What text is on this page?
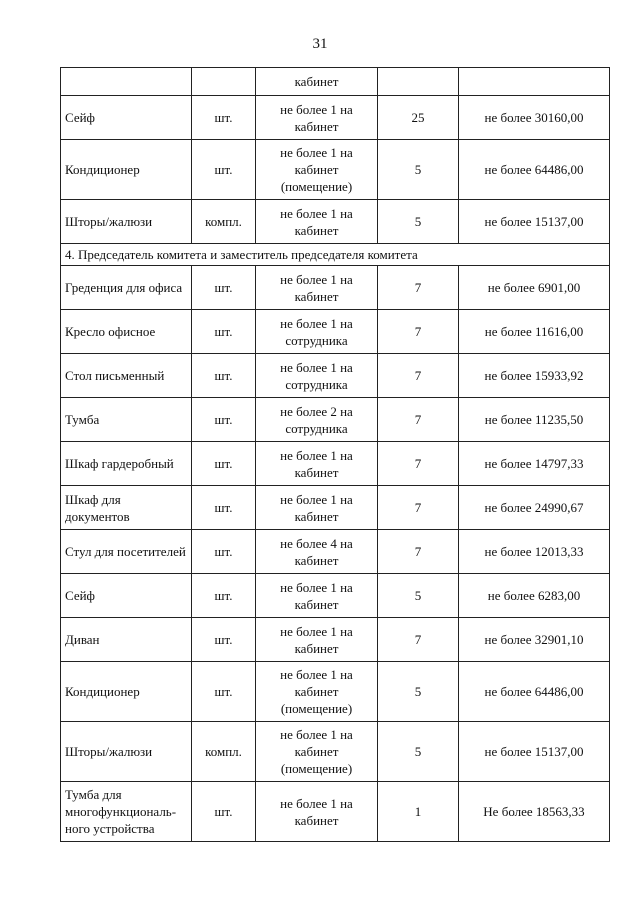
31
		кабинет		
Сейф	шт.	не более 1 на кабинет	25	не более 30160,00
Кондиционер	шт.	не более 1 на кабинет (помещение)	5	не более 64486,00
Шторы/жалюзи	компл.	не более 1 на кабинет	5	не более 15137,00
4. Председатель комитета и заместитель председателя комитета				
Греденция для офиса	шт.	не более 1 на кабинет	7	не более 6901,00
Кресло офисное	шт.	не более 1 на сотрудника	7	не более 11616,00
Стол письменный	шт.	не более 1 на сотрудника	7	не более 15933,92
Тумба	шт.	не более 2 на сотрудника	7	не более 11235,50
Шкаф гардеробный	шт.	не более 1 на кабинет	7	не более 14797,33
Шкаф для документов	шт.	не более 1 на кабинет	7	не более 24990,67
Стул для посетителей	шт.	не более 4 на кабинет	7	не более 12013,33
Сейф	шт.	не более 1 на кабинет	5	не более 6283,00
Диван	шт.	не более 1 на кабинет	7	не более 32901,10
Кондиционер	шт.	не более 1 на кабинет (помещение)	5	не более 64486,00
Шторы/жалюзи	компл.	не более 1 на кабинет (помещение)	5	не более 15137,00
Тумба для многофункциональ-ного устройства	шт.	не более 1 на кабинет	1	Не более 18563,33
